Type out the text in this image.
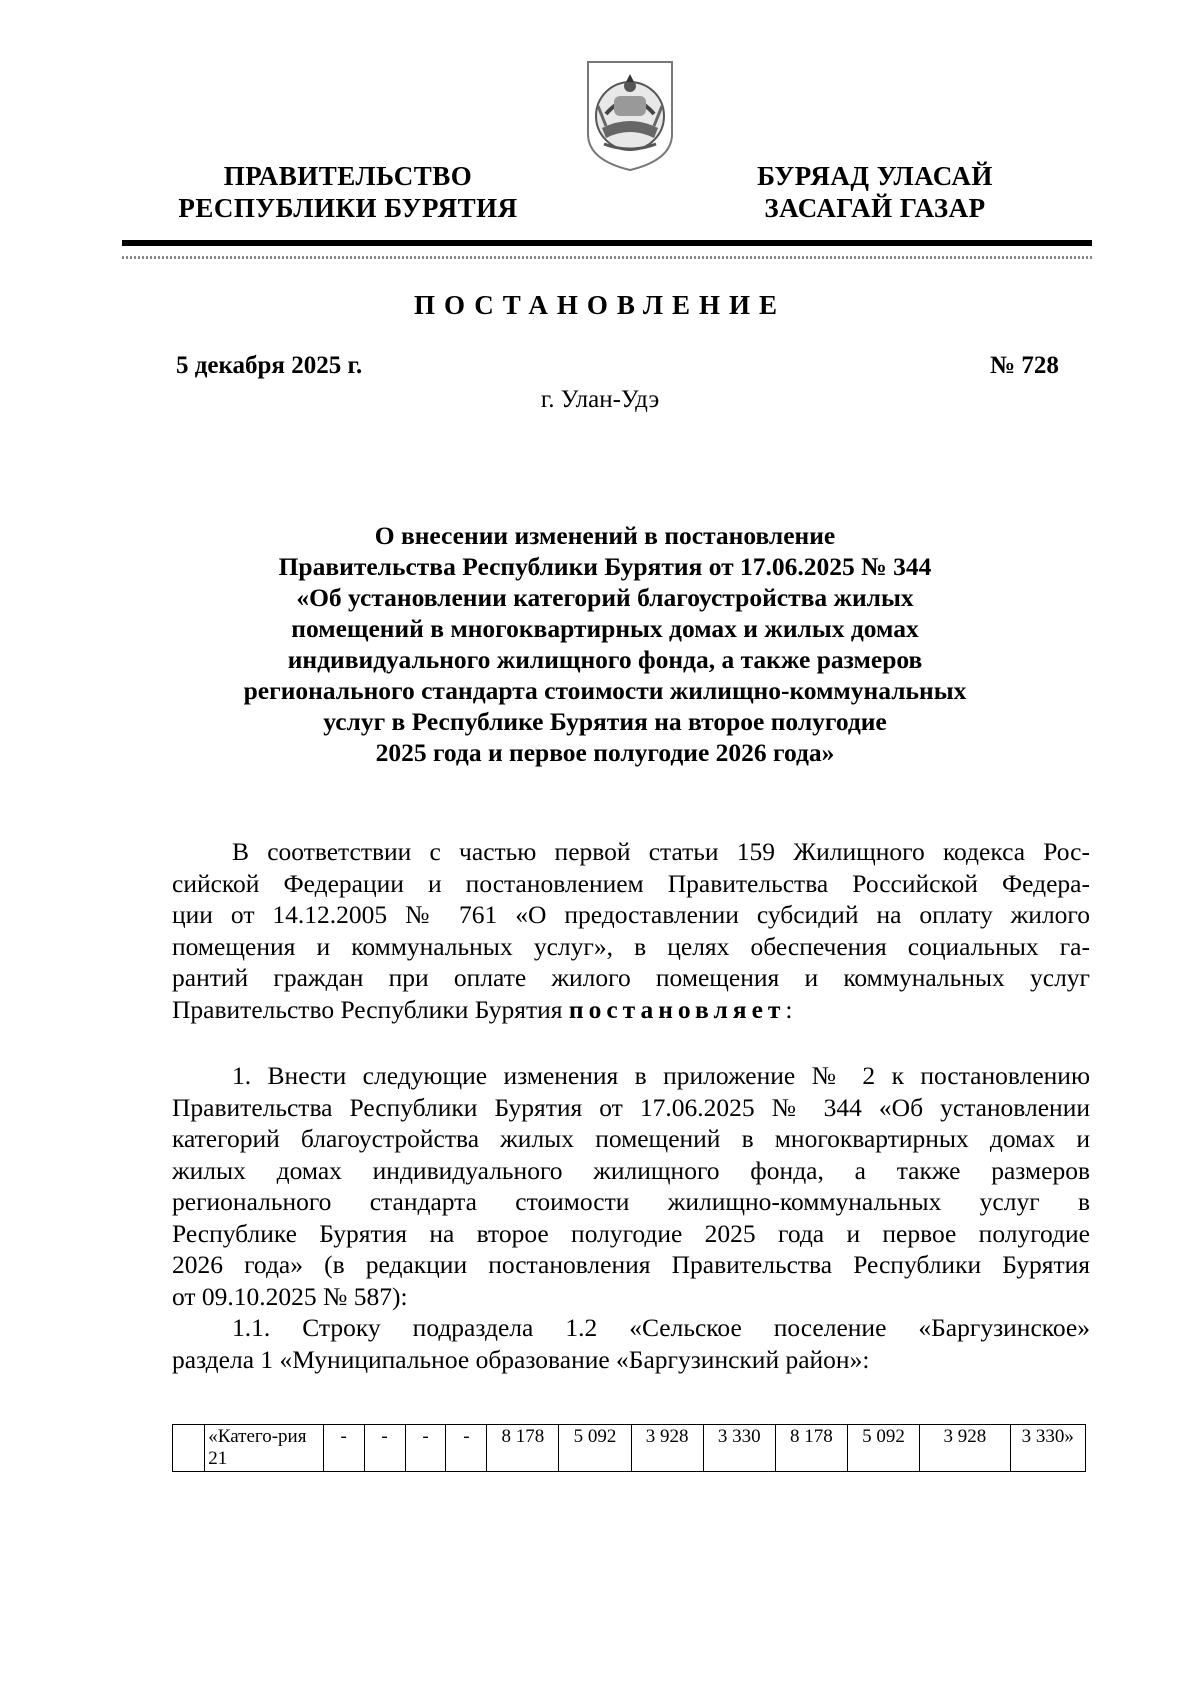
ПРАВИТЕЛЬСТВО
РЕСПУБЛИКИ БУРЯТИЯ
БУРЯАД УЛАСАЙ
ЗАСАГАЙ ГАЗАР
ПОСТАНОВЛЕНИЕ
5 декабря 2025 г.	№ 728
г. Улан-Удэ
О внесении изменений в постановление
Правительства Республики Бурятия от 17.06.2025 № 344
«Об установлении категорий благоустройства жилых
помещений в многоквартирных домах и жилых домах
индивидуального жилищного фонда, а также размеров
регионального стандарта стоимости жилищно-коммунальных
услуг в Республике Бурятия на второе полугодие
2025 года и первое полугодие 2026 года»
В соответствии с частью первой статьи 159 Жилищного кодекса Рос-
сийской Федерации и постановлением Правительства Российской Федера-
ции от 14.12.2005 № 761 «О предоставлении субсидий на оплату жилого
помещения и коммунальных услуг», в целях обеспечения социальных га-
рантий граждан при оплате жилого помещения и коммунальных услуг
Правительство Республики Бурятия постановляет:
1. Внести следующие изменения в приложение № 2 к постановлению
Правительства Республики Бурятия от 17.06.2025 № 344 «Об установлении
категорий благоустройства жилых помещений в многоквартирных домах и
жилых домах индивидуального жилищного фонда, а также размеров
регионального стандарта стоимости жилищно-коммунальных услуг в
Республике Бурятия на второе полугодие 2025 года и первое полугодие
2026 года» (в редакции постановления Правительства Республики Бурятия
от 09.10.2025 № 587):
1.1. Строку подраздела 1.2 «Сельское поселение «Баргузинское»
раздела 1 «Муниципальное образование «Баргузинский район»:
	«Катего-рия 21	-	-	-	-	8 178	5 092	3 928	3 330	8 178	5 092	3 928	3 330»
